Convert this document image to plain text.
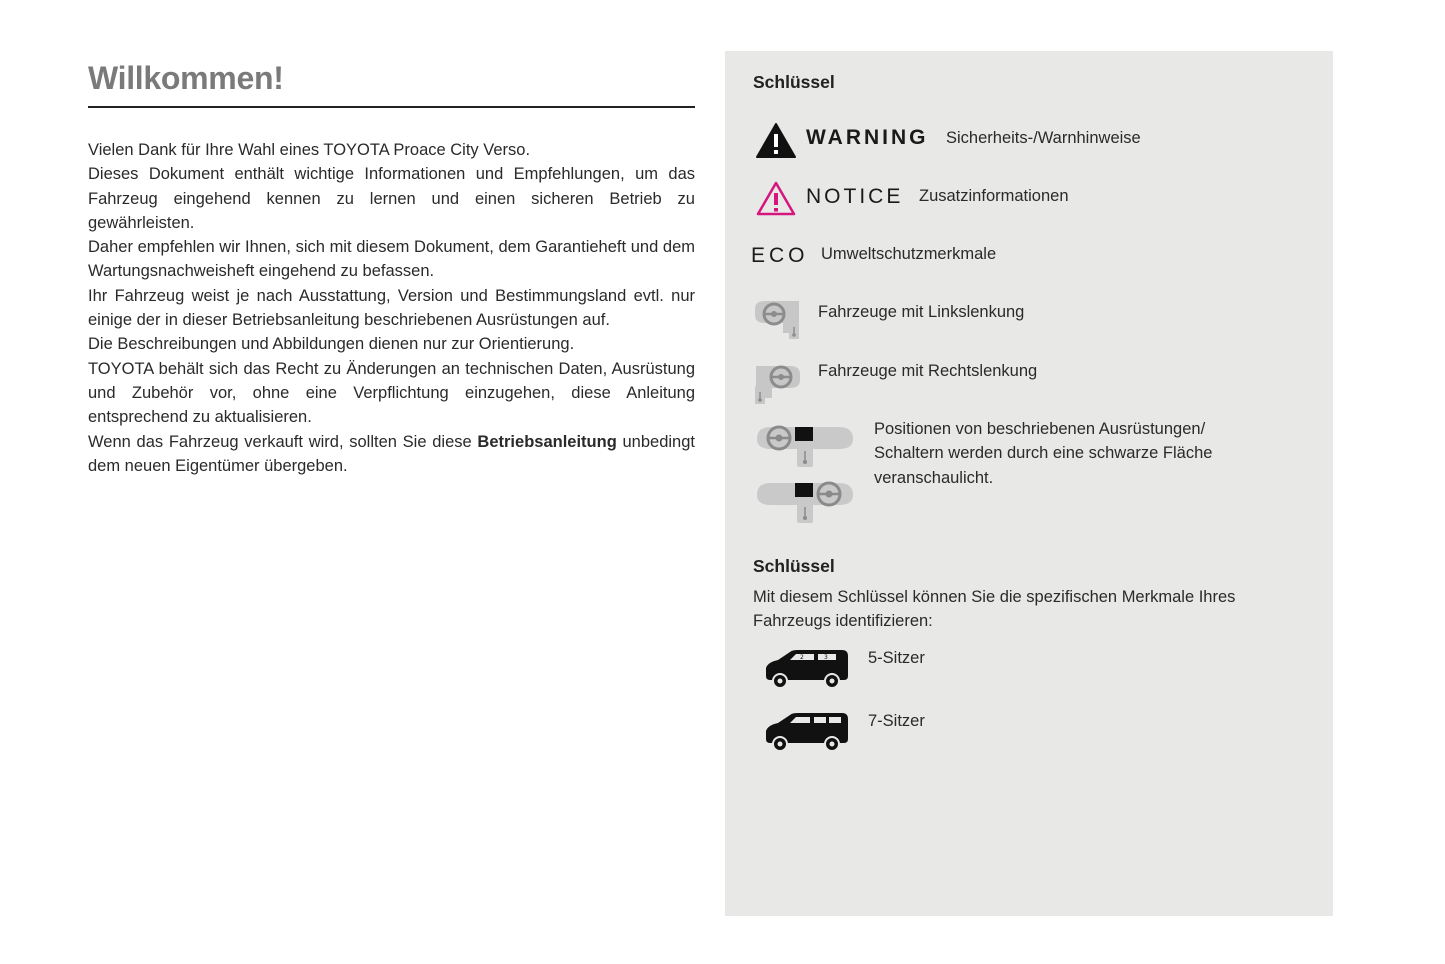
Willkommen!

Vielen Dank für Ihre Wahl eines TOYOTA Proace City Verso.

Dieses Dokument enthält wichtige Informationen und Empfehlungen, um das Fahrzeug eingehend kennen zu lernen und einen sicheren Betrieb zu gewährleisten.

Daher empfehlen wir Ihnen, sich mit diesem Dokument, dem Garantieheft und dem Wartungsnachweisheft eingehend zu befassen.

Ihr Fahrzeug weist je nach Ausstattung, Version und Bestimmungsland evtl. nur einige der in dieser Betriebsanleitung beschriebenen Ausrüstungen auf.

Die Beschreibungen und Abbildungen dienen nur zur Orientierung.

TOYOTA behält sich das Recht zu Änderungen an technischen Daten, Ausrüstung und Zubehör vor, ohne eine Verpflichtung einzugehen, diese Anleitung entsprechend zu aktualisieren.

Wenn das Fahrzeug verkauft wird, sollten Sie diese Betriebsanleitung unbedingt dem neuen Eigentümer übergeben.

Schlüssel
WARNING Sicherheits-/Warnhinweise
NOTICE Zusatzinformationen
ECO Umweltschutzmerkmale
Fahrzeuge mit Linkslenkung
Fahrzeuge mit Rechtslenkung
Positionen von beschriebenen Ausrüstungen/ Schaltern werden durch eine schwarze Fläche veranschaulicht.
Schlüssel
Mit diesem Schlüssel können Sie die spezifischen Merkmale Ihres Fahrzeugs identifizieren:
2	3 5-Sitzer
7-Sitzer
